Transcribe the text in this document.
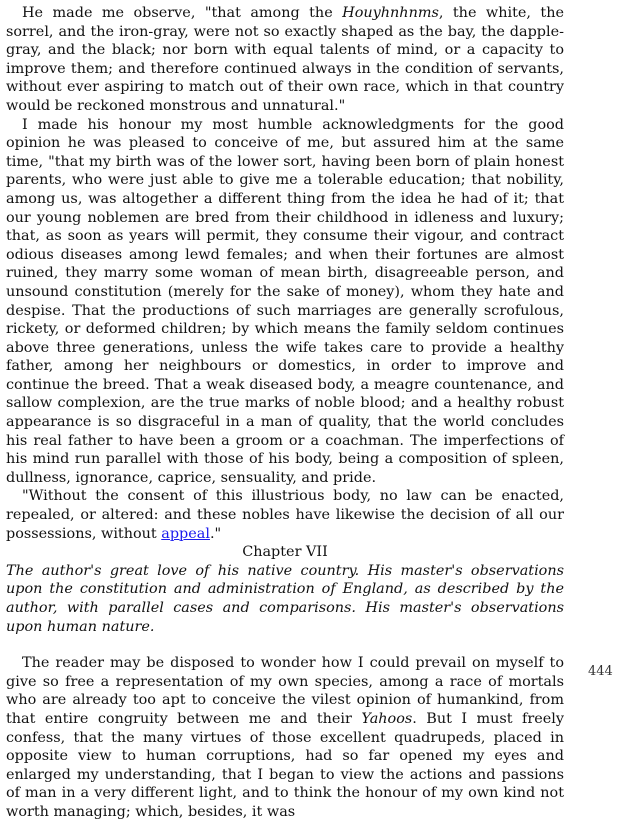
He made me observe, "that among the Houyhnhnms, the white, the sorrel, and the iron-gray, were not so exactly shaped as the bay, the dapple-gray, and the black; nor born with equal talents of mind, or a capacity to improve them; and therefore continued always in the condition of servants, without ever aspiring to match out of their own race, which in that country would be reckoned monstrous and unnatural."

I made his honour my most humble acknowledgments for the good opinion he was pleased to conceive of me, but assured him at the same time, "that my birth was of the lower sort, having been born of plain honest parents, who were just able to give me a tolerable education; that nobility, among us, was altogether a different thing from the idea he had of it; that our young noblemen are bred from their childhood in idleness and luxury; that, as soon as years will permit, they consume their vigour, and contract odious diseases among lewd females; and when their fortunes are almost ruined, they marry some woman of mean birth, disagreeable person, and unsound constitution (merely for the sake of money), whom they hate and despise. That the productions of such marriages are generally scrofulous, rickety, or deformed children; by which means the family seldom continues above three generations, unless the wife takes care to provide a healthy father, among her neighbours or domestics, in order to improve and continue the breed. That a weak diseased body, a meagre countenance, and sallow complexion, are the true marks of noble blood; and a healthy robust appearance is so disgraceful in a man of quality, that the world concludes his real father to have been a groom or a coachman. The imperfections of his mind run parallel with those of his body, being a composition of spleen, dullness, ignorance, caprice, sensuality, and pride.

"Without the consent of this illustrious body, no law can be enacted, repealed, or altered: and these nobles have likewise the decision of all our possessions, without appeal."

Chapter VII

The author's great love of his native country. His master's observations upon the constitution and administration of England, as described by the author, with parallel cases and comparisons. His master's observations upon human nature.

The reader may be disposed to wonder how I could prevail on myself to give so free a representation of my own species, among a race of mortals who are already too apt to conceive the vilest opinion of humankind, from that entire congruity between me and their Yahoos. But I must freely confess, that the many virtues of those excellent quadrupeds, placed in opposite view to human corruptions, had so far opened my eyes and enlarged my understanding, that I began to view the actions and passions of man in a very different light, and to think the honour of my own kind not worth managing; which, besides, it was

444
